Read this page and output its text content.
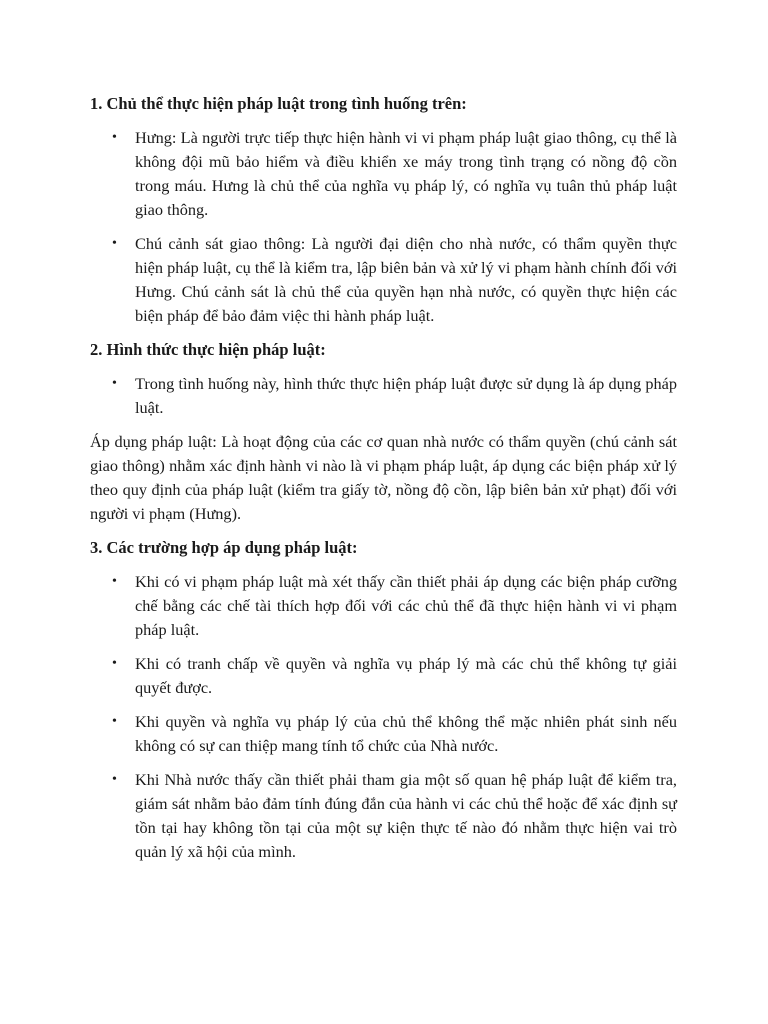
1. Chủ thể thực hiện pháp luật trong tình huống trên:
• Hưng: Là người trực tiếp thực hiện hành vi vi phạm pháp luật giao thông, cụ thể là không đội mũ bảo hiểm và điều khiển xe máy trong tình trạng có nồng độ cồn trong máu. Hưng là chủ thể của nghĩa vụ pháp lý, có nghĩa vụ tuân thủ pháp luật giao thông.
• Chú cảnh sát giao thông: Là người đại diện cho nhà nước, có thẩm quyền thực hiện pháp luật, cụ thể là kiểm tra, lập biên bản và xử lý vi phạm hành chính đối với Hưng. Chú cảnh sát là chủ thể của quyền hạn nhà nước, có quyền thực hiện các biện pháp để bảo đảm việc thi hành pháp luật.
2. Hình thức thực hiện pháp luật:
• Trong tình huống này, hình thức thực hiện pháp luật được sử dụng là áp dụng pháp luật.

Áp dụng pháp luật: Là hoạt động của các cơ quan nhà nước có thẩm quyền (chú cảnh sát giao thông) nhằm xác định hành vi nào là vi phạm pháp luật, áp dụng các biện pháp xử lý theo quy định của pháp luật (kiểm tra giấy tờ, nồng độ cồn, lập biên bản xử phạt) đối với người vi phạm (Hưng).

3. Các trường hợp áp dụng pháp luật:
• Khi có vi phạm pháp luật mà xét thấy cần thiết phải áp dụng các biện pháp cưỡng chế bằng các chế tài thích hợp đối với các chủ thể đã thực hiện hành vi vi phạm pháp luật.
• Khi có tranh chấp về quyền và nghĩa vụ pháp lý mà các chủ thể không tự giải quyết được.
• Khi quyền và nghĩa vụ pháp lý của chủ thể không thể mặc nhiên phát sinh nếu không có sự can thiệp mang tính tổ chức của Nhà nước.
• Khi Nhà nước thấy cần thiết phải tham gia một số quan hệ pháp luật để kiểm tra, giám sát nhằm bảo đảm tính đúng đắn của hành vi các chủ thể hoặc để xác định sự tồn tại hay không tồn tại của một sự kiện thực tế nào đó nhằm thực hiện vai trò quản lý xã hội của mình.
